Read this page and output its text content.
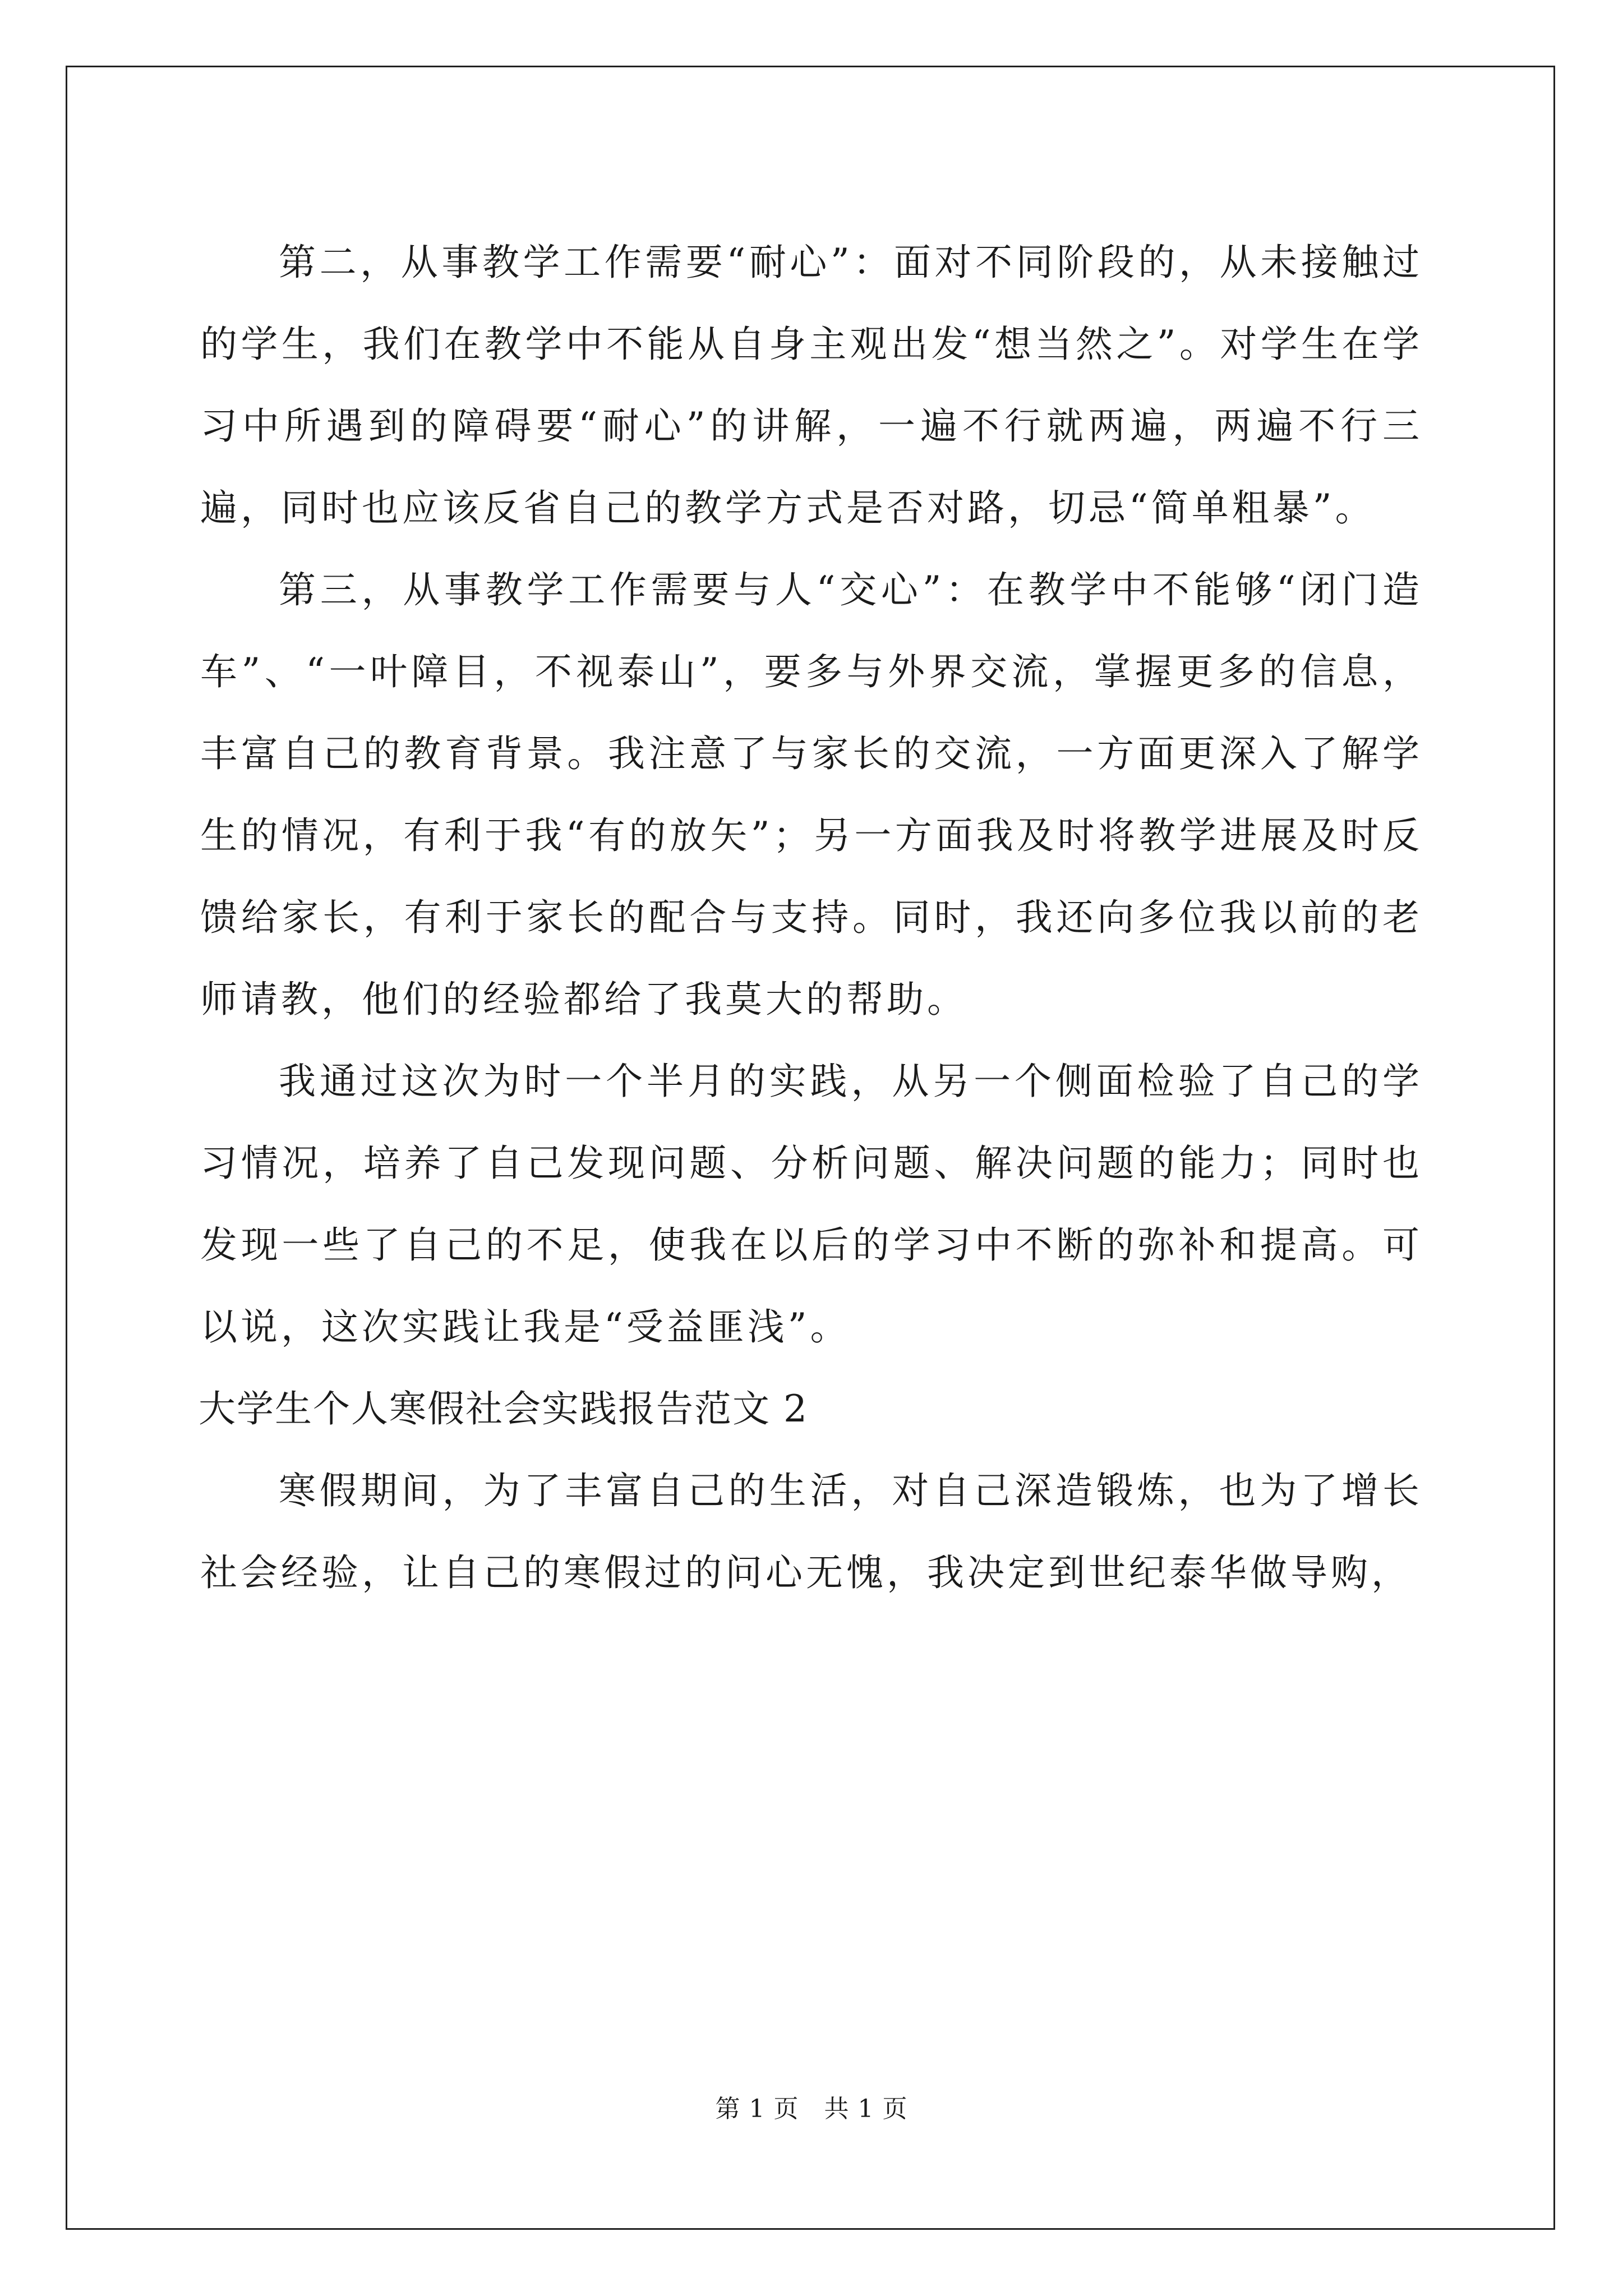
第二，从事教学工作需要“耐心”：面对不同阶段的，从未接触过的学生，我们在教学中不能从自身主观出发“想当然之”。对学生在学习中所遇到的障碍要“耐心”的讲解，一遍不行就两遍，两遍不行三遍，同时也应该反省自己的教学方式是否对路，切忌“简单粗暴”。

第三，从事教学工作需要与人“交心”：在教学中不能够“闭门造车”、“一叶障目，不视泰山”，要多与外界交流，掌握更多的信息，丰富自己的教育背景。我注意了与家长的交流，一方面更深入了解学生的情况，有利于我“有的放矢”；另一方面我及时将教学进展及时反馈给家长，有利于家长的配合与支持。同时，我还向多位我以前的老师请教，他们的经验都给了我莫大的帮助。

我通过这次为时一个半月的实践，从另一个侧面检验了自己的学习情况，培养了自己发现问题、分析问题、解决问题的能力；同时也发现一些了自己的不足，使我在以后的学习中不断的弥补和提高。可以说，这次实践让我是“受益匪浅”。

大学生个人寒假社会实践报告范文 2

寒假期间，为了丰富自己的生活，对自己深造锻炼，也为了增长社会经验，让自己的寒假过的问心无愧，我决定到世纪泰华做导购，

第 1 页　共 1 页
